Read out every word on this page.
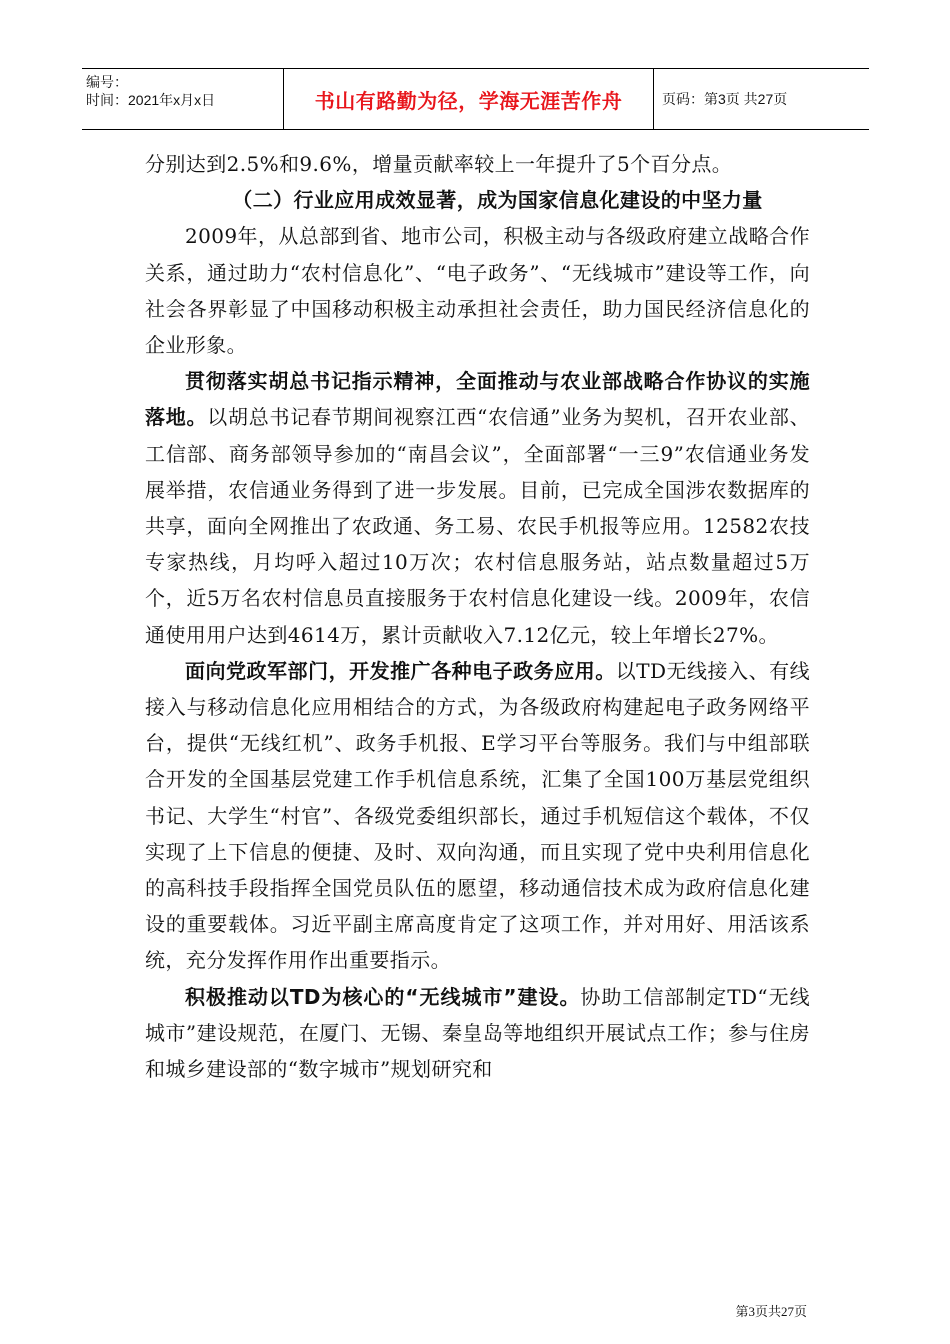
编号：
时间：2021年x月x日	书山有路勤为径，学海无涯苦作舟	页码：第3页 共27页

分别达到2.5%和9.6%，增量贡献率较上一年提升了5个百分点。

（二）行业应用成效显著，成为国家信息化建设的中坚力量

2009年，从总部到省、地市公司，积极主动与各级政府建立战略合作关系，通过助力“农村信息化”、“电子政务”、“无线城市”建设等工作，向社会各界彰显了中国移动积极主动承担社会责任，助力国民经济信息化的企业形象。

贯彻落实胡总书记指示精神，全面推动与农业部战略合作协议的实施落地。以胡总书记春节期间视察江西“农信通”业务为契机，召开农业部、工信部、商务部领导参加的“南昌会议”，全面部署“一三9”农信通业务发展举措，农信通业务得到了进一步发展。目前，已完成全国涉农数据库的共享，面向全网推出了农政通、务工易、农民手机报等应用。12582农技专家热线，月均呼入超过10万次；农村信息服务站，站点数量超过5万个，近5万名农村信息员直接服务于农村信息化建设一线。2009年，农信通使用用户达到4614万，累计贡献收入7.12亿元，较上年增长27%。

面向党政军部门，开发推广各种电子政务应用。以TD无线接入、有线接入与移动信息化应用相结合的方式，为各级政府构建起电子政务网络平台，提供“无线红机”、政务手机报、E学习平台等服务。我们与中组部联合开发的全国基层党建工作手机信息系统，汇集了全国100万基层党组织书记、大学生“村官”、各级党委组织部长，通过手机短信这个载体，不仅实现了上下信息的便捷、及时、双向沟通，而且实现了党中央利用信息化的高科技手段指挥全国党员队伍的愿望，移动通信技术成为政府信息化建设的重要载体。习近平副主席高度肯定了这项工作，并对用好、用活该系统，充分发挥作用作出重要指示。

积极推动以TD为核心的“无线城市”建设。协助工信部制定TD“无线城市”建设规范，在厦门、无锡、秦皇岛等地组织开展试点工作；参与住房和城乡建设部的“数字城市”规划研究和

第3页共27页
